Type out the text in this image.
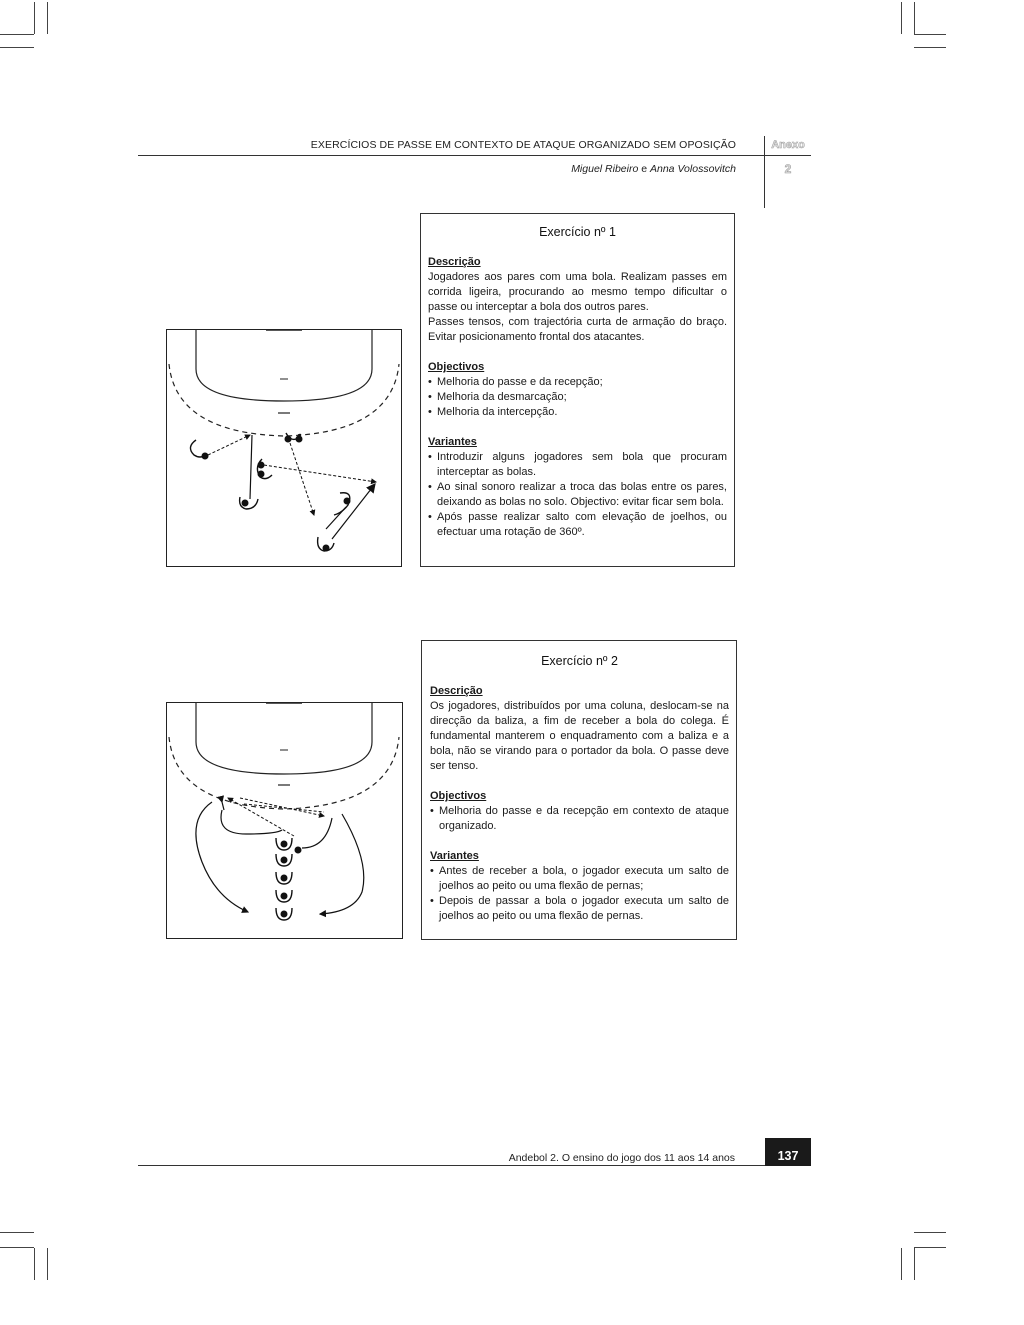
EXERCÍCIOS DE PASSE EM CONTEXTO DE ATAQUE ORGANIZADO SEM OPOSIÇÃO
Miguel Ribeiro e Anna Volossovitch
Anexo
2
Exercício nº 1

Descrição

Jogadores aos pares com uma bola. Realizam passes em corrida ligeira, procurando ao mesmo tempo dificultar o passe ou interceptar a bola dos outros pares.

Passes tensos, com trajectória curta de armação do braço. Evitar posicionamento frontal dos atacantes.

Objectivos

• Melhoria do passe e da recepção;
• Melhoria da desmarcação;
• Melhoria da intercepção.

Variantes

• Introduzir alguns jogadores sem bola que procuram interceptar as bolas.
• Ao sinal sonoro realizar a troca das bolas entre os pares, deixando as bolas no solo. Objectivo: evitar ficar sem bola.
• Após passe realizar salto com elevação de joelhos, ou efectuar uma rotação de 360º.
Exercício nº 2

Descrição

Os jogadores, distribuídos por uma coluna, deslocam-se na direcção da baliza, a fim de receber a bola do colega. É fundamental manterem o enquadramento com a baliza e a bola, não se virando para o portador da bola. O passe deve ser tenso.

Objectivos

• Melhoria do passe e da recepção em contexto de ataque organizado.

Variantes

• Antes de receber a bola, o jogador executa um salto de joelhos ao peito ou uma flexão de pernas;
• Depois de passar a bola o jogador executa um salto de joelhos ao peito ou uma flexão de pernas.
Andebol 2. O ensino do jogo dos 11 aos 14 anos	137
